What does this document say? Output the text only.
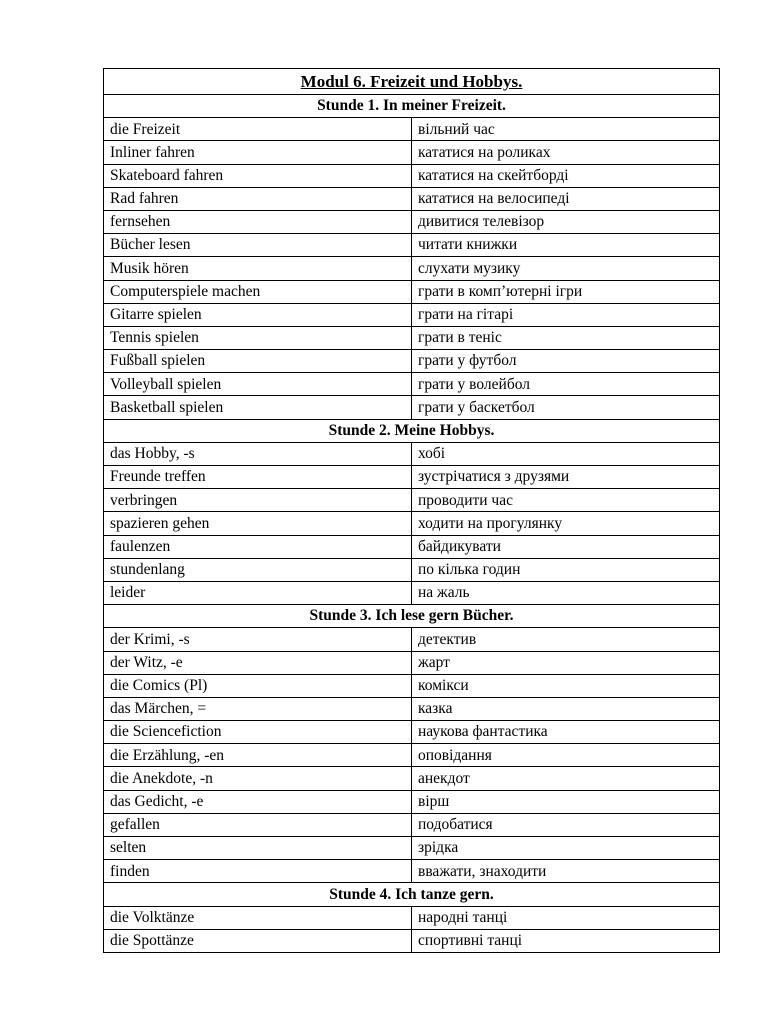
Modul 6. Freizeit und Hobbys.	
Stunde 1. In meiner Freizeit.	
die Freizeit	вільний час
Inliner fahren	кататися на роликах
Skateboard fahren	кататися на скейтборді
Rad fahren	кататися на велосипеді
fernsehen	дивитися телевізор
Bücher lesen	читати книжки
Musik hören	слухати музику
Computerspiele machen	грати в комп’ютерні ігри
Gitarre spielen	грати на гітарі
Tennis spielen	грати в теніс
Fußball spielen	грати у футбол
Volleyball spielen	грати у волейбол
Basketball spielen	грати у баскетбол
Stunde 2. Meine Hobbys.	
das Hobby, -s	хобі
Freunde treffen	зустрічатися з друзями
verbringen	проводити час
spazieren gehen	ходити на прогулянку
faulenzen	байдикувати
stundenlang	по кілька годин
leider	на жаль
Stunde 3. Ich lese gern Bücher.	
der Krimi, -s	детектив
der Witz, -e	жарт
die Comics (Pl)	комікси
das Märchen, =	казка
die Sciencefiction	наукова фантастика
die Erzählung, -en	оповідання
die Anekdote, -n	анекдот
das Gedicht, -e	вірш
gefallen	подобатися
selten	зрідка
finden	вважати, знаходити
Stunde 4. Ich tanze gern.	
die Volktänze	народні танці
die Spottänze	спортивні танці
